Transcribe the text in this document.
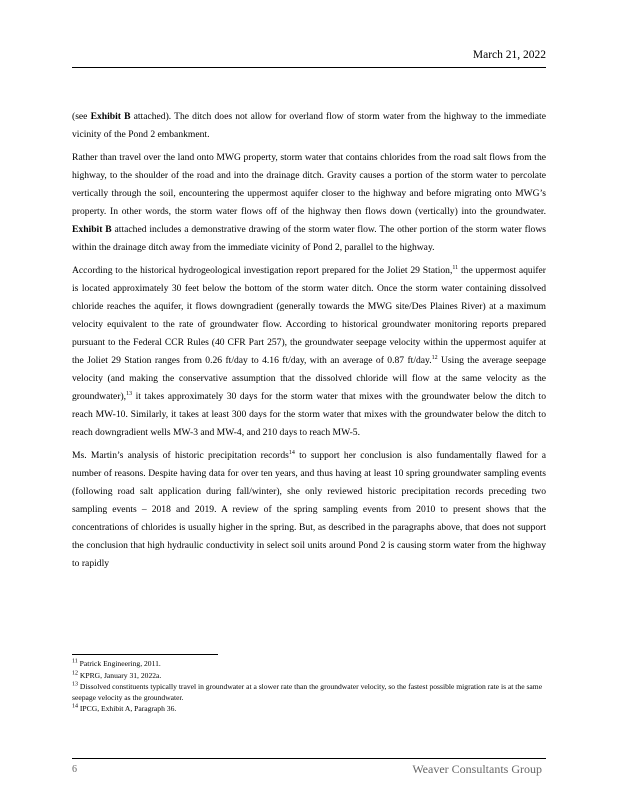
March 21, 2022

(see Exhibit B attached). The ditch does not allow for overland flow of storm water from the highway to the immediate vicinity of the Pond 2 embankment.

Rather than travel over the land onto MWG property, storm water that contains chlorides from the road salt flows from the highway, to the shoulder of the road and into the drainage ditch. Gravity causes a portion of the storm water to percolate vertically through the soil, encountering the uppermost aquifer closer to the highway and before migrating onto MWG’s property. In other words, the storm water flows off of the highway then flows down (vertically) into the groundwater. Exhibit B attached includes a demonstrative drawing of the storm water flow. The other portion of the storm water flows within the drainage ditch away from the immediate vicinity of Pond 2, parallel to the highway.

According to the historical hydrogeological investigation report prepared for the Joliet 29 Station,$^{11}$ the uppermost aquifer is located approximately 30 feet below the bottom of the storm water ditch. Once the storm water containing dissolved chloride reaches the aquifer, it flows downgradient (generally towards the MWG site/Des Plaines River) at a maximum velocity equivalent to the rate of groundwater flow. According to historical groundwater monitoring reports prepared pursuant to the Federal CCR Rules (40 CFR Part 257), the groundwater seepage velocity within the uppermost aquifer at the Joliet 29 Station ranges from 0.26 ft/day to 4.16 ft/day, with an average of 0.87 ft/day.$^{12}$ Using the average seepage velocity (and making the conservative assumption that the dissolved chloride will flow at the same velocity as the groundwater),$^{13}$ it takes approximately 30 days for the storm water that mixes with the groundwater below the ditch to reach MW-10. Similarly, it takes at least 300 days for the storm water that mixes with the groundwater below the ditch to reach downgradient wells MW-3 and MW-4, and 210 days to reach MW-5.

Ms. Martin’s analysis of historic precipitation records$^{14}$ to support her conclusion is also fundamentally flawed for a number of reasons. Despite having data for over ten years, and thus having at least 10 spring groundwater sampling events (following road salt application during fall/winter), she only reviewed historic precipitation records preceding two sampling events – 2018 and 2019. A review of the spring sampling events from 2010 to present shows that the concentrations of chlorides is usually higher in the spring. But, as described in the paragraphs above, that does not support the conclusion that high hydraulic conductivity in select soil units around Pond 2 is causing storm water from the highway to rapidly

$^{11}$ Patrick Engineering, 2011.
$^{12}$ KPRG, January 31, 2022a.
$^{13}$ Dissolved constituents typically travel in groundwater at a slower rate than the groundwater velocity, so the fastest possible migration rate is at the same seepage velocity as the groundwater.
$^{14}$ IPCG, Exhibit A, Paragraph 36.
6	Weaver Consultants Group
